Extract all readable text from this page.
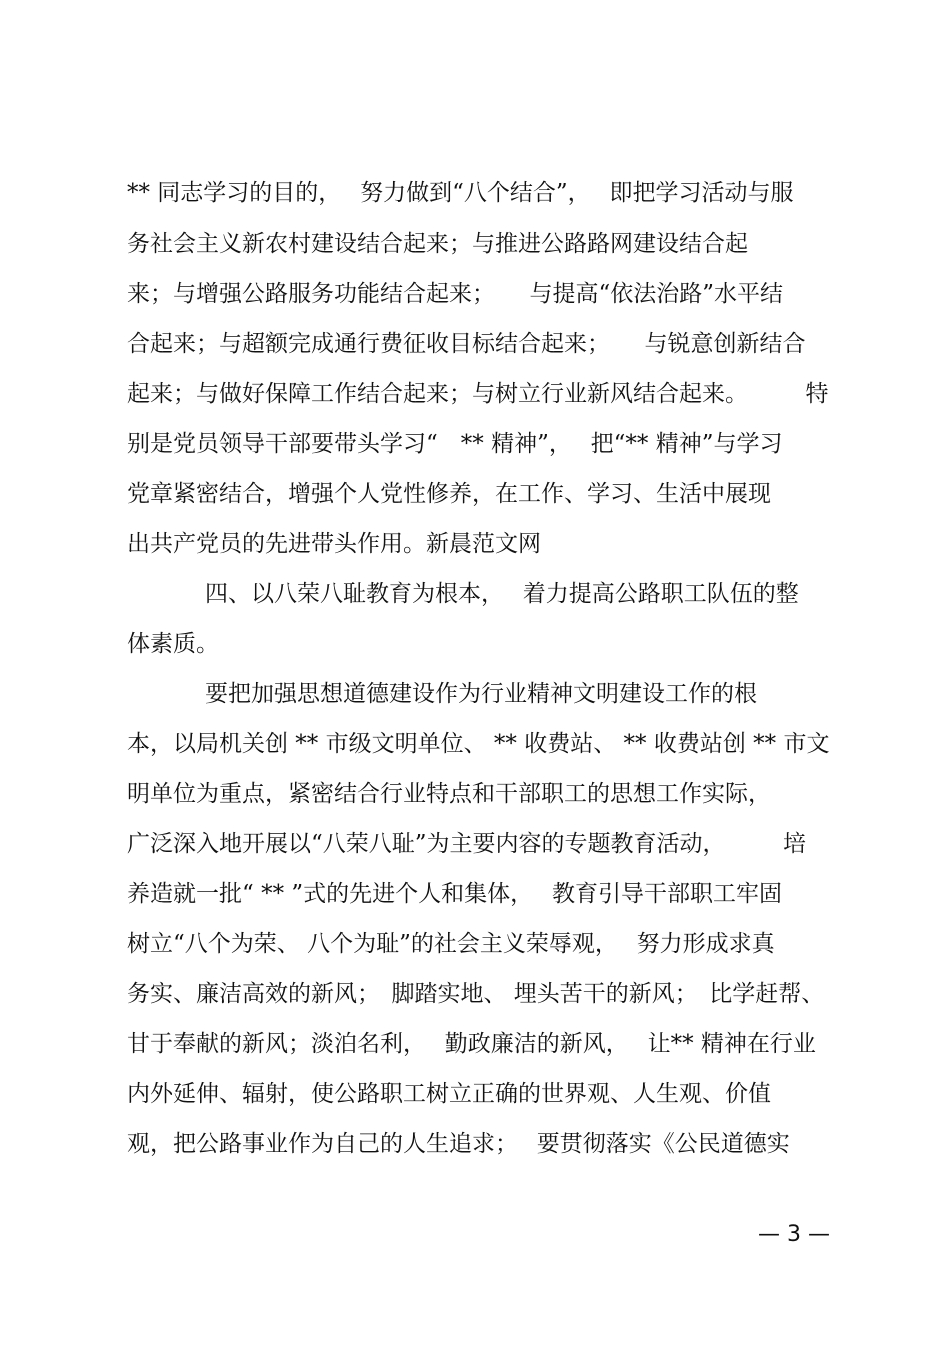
** 同志学习的目的，　 努力做到“八个结合”，　 即把学习活动与服
务社会主义新农村建设结合起来；与推进公路路网建设结合起
来；与增强公路服务功能结合起来；　　与提高“依法治路”水平结
合起来；与超额完成通行费征收目标结合起来；　　与锐意创新结合
起来；与做好保障工作结合起来；与树立行业新风结合起来。　　　特
别是党员领导干部要带头学习“　** 精神”，　 把“** 精神”与学习
党章紧密结合，增强个人党性修养，在工作、学习、生活中展现
出共产党员的先进带头作用。新晨范文网
四、以八荣八耻教育为根本，　 着力提高公路职工队伍的整
体素质。
要把加强思想道德建设作为行业精神文明建设工作的根
本，以局机关创 ** 市级文明单位、 ** 收费站、 ** 收费站创 ** 市文
明单位为重点，紧密结合行业特点和干部职工的思想工作实际，
广泛深入地开展以“八荣八耻”为主要内容的专题教育活动，　　　培
养造就一批“ ** ”式的先进个人和集体，　 教育引导干部职工牢固
树立“八个为荣、 八个为耻”的社会主义荣辱观，　 努力形成求真
务实、廉洁高效的新风；　脚踏实地、 埋头苦干的新风；　比学赶帮、
甘于奉献的新风；淡泊名利，　 勤政廉洁的新风，　 让** 精神在行业
内外延伸、辐射，使公路职工树立正确的世界观、人生观、价值
观，把公路事业作为自己的人生追求；　 要贯彻落实《公民道德实
— 3 —
